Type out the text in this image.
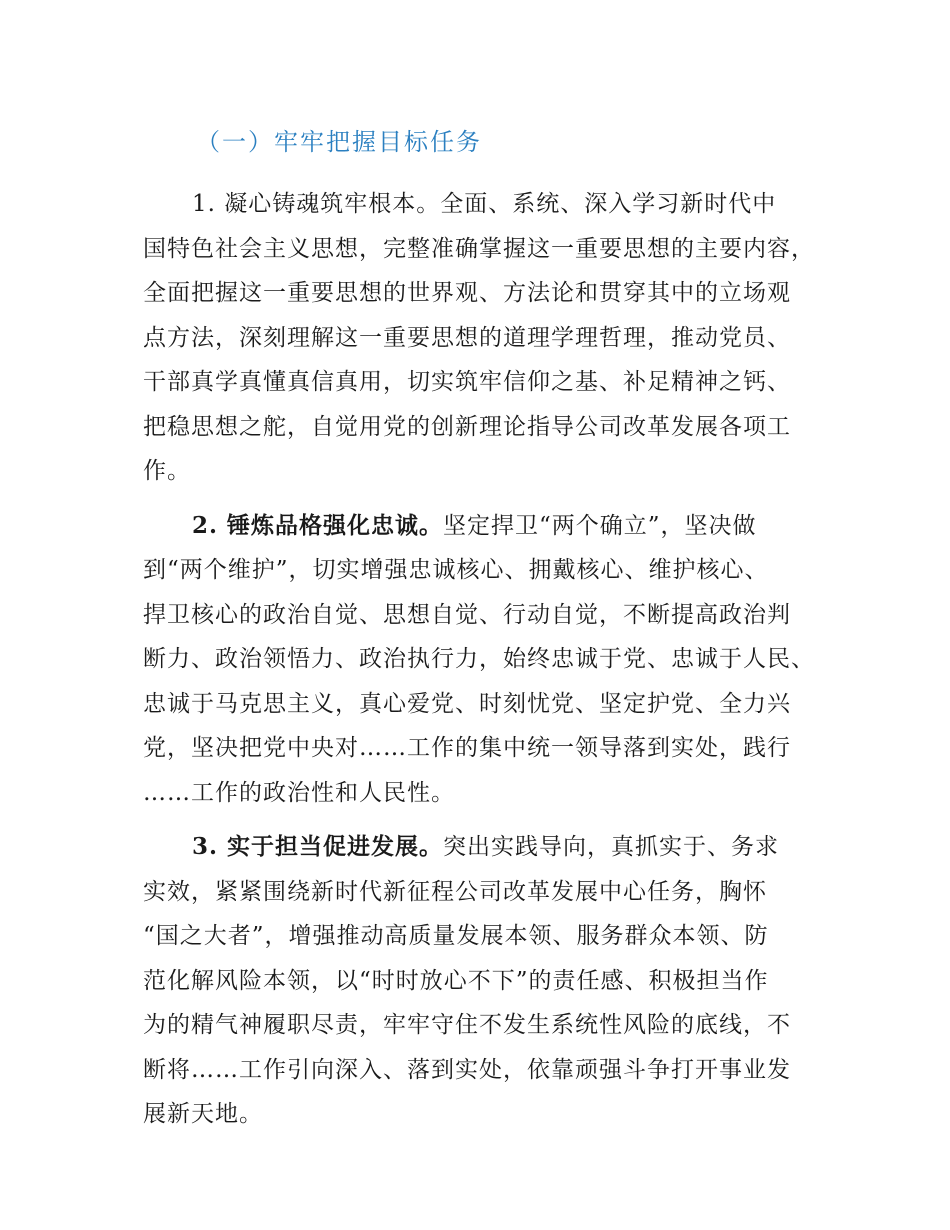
（一）牢牢把握目标任务
1. 凝心铸魂筑牢根本。全面、系统、深入学习新时代中
国特色社会主义思想，完整准确掌握这一重要思想的主要内容，
全面把握这一重要思想的世界观、方法论和贯穿其中的立场观
点方法，深刻理解这一重要思想的道理学理哲理，推动党员、
干部真学真懂真信真用，切实筑牢信仰之基、补足精神之钙、
把稳思想之舵，自觉用党的创新理论指导公司改革发展各项工
作。
2. 锤炼品格强化忠诚。坚定捍卫“两个确立”，坚决做
到“两个维护”，切实增强忠诚核心、拥戴核心、维护核心、
捍卫核心的政治自觉、思想自觉、行动自觉，不断提高政治判
断力、政治领悟力、政治执行力，始终忠诚于党、忠诚于人民、
忠诚于马克思主义，真心爱党、时刻忧党、坚定护党、全力兴
党，坚决把党中央对……工作的集中统一领导落到实处，践行
……工作的政治性和人民性。
3. 实于担当促进发展。突出实践导向，真抓实于、务求
实效，紧紧围绕新时代新征程公司改革发展中心任务，胸怀
“国之大者”，增强推动高质量发展本领、服务群众本领、防
范化解风险本领，以“时时放心不下”的责任感、积极担当作
为的精气神履职尽责，牢牢守住不发生系统性风险的底线，不
断将……工作引向深入、落到实处，依靠顽强斗争打开事业发
展新天地。
